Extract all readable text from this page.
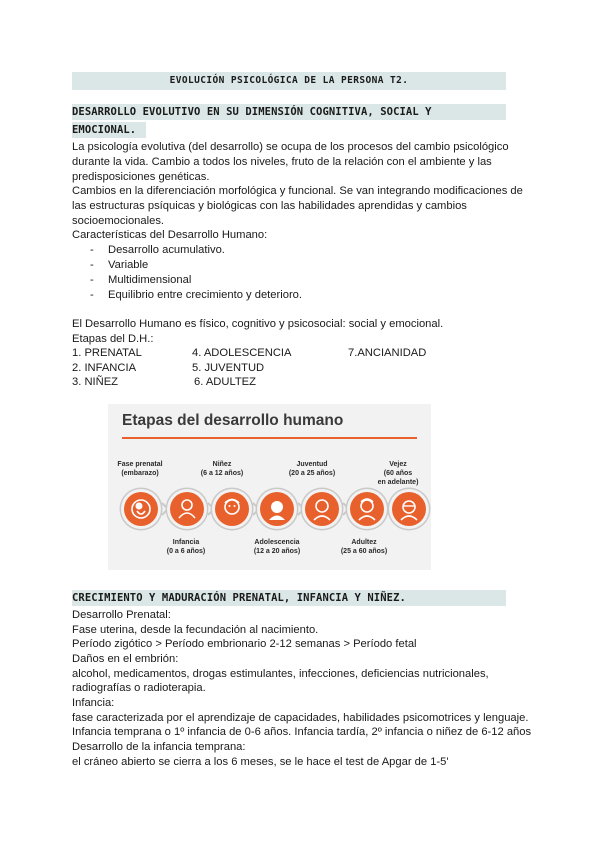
EVOLUCIÓN PSICOLÓGICA DE LA PERSONA T2.
DESARROLLO EVOLUTIVO EN SU DIMENSIÓN COGNITIVA, SOCIAL Y
EMOCIONAL.
La psicología evolutiva (del desarrollo) se ocupa de los procesos del cambio psicológico
durante la vida. Cambio a todos los niveles, fruto de la relación con el ambiente y las
predisposiciones genéticas.
Cambios en la diferenciación morfológica y funcional. Se van integrando modificaciones de
las estructuras psíquicas y biológicas con las habilidades aprendidas y cambios
socioemocionales.
Características del Desarrollo Humano:
- Desarrollo acumulativo.
- Variable
- Multidimensional
- Equilibrio entre crecimiento y deterioro.
El Desarrollo Humano es físico, cognitivo y psicosocial: social y emocional.
Etapas del D.H.:
1. PRENATAL
2. INFANCIA
3. NIÑEZ
4. ADOLESCENCIA
5. JUVENTUD
6. ADULTEZ
7.ANCIANIDAD
Etapas del desarrollo humano
Fase prenatal
(embarazo)
Niñez
(6 a 12 años)
Juventud
(20 a 25 años)
Vejez
(60 años
en adelante)
Infancia
(0 a 6 años)
Adolescencia
(12 a 20 años)
Adultez
(25 a 60 años)
CRECIMIENTO Y MADURACIÓN PRENATAL, INFANCIA Y NIÑEZ.
Desarrollo Prenatal:
Fase uterina, desde la fecundación al nacimiento.
Período zigótico > Período embrionario 2-12 semanas > Período fetal
Daños en el embrión:
alcohol, medicamentos, drogas estimulantes, infecciones, deficiencias nutricionales,
radiografías o radioterapia.
Infancia:
fase caracterizada por el aprendizaje de capacidades, habilidades psicomotrices y lenguaje.
Infancia temprana o 1º infancia de 0-6 años. Infancia tardía, 2º infancia o niñez de 6-12 años
Desarrollo de la infancia temprana:
el cráneo abierto se cierra a los 6 meses, se le hace el test de Apgar de 1-5'
